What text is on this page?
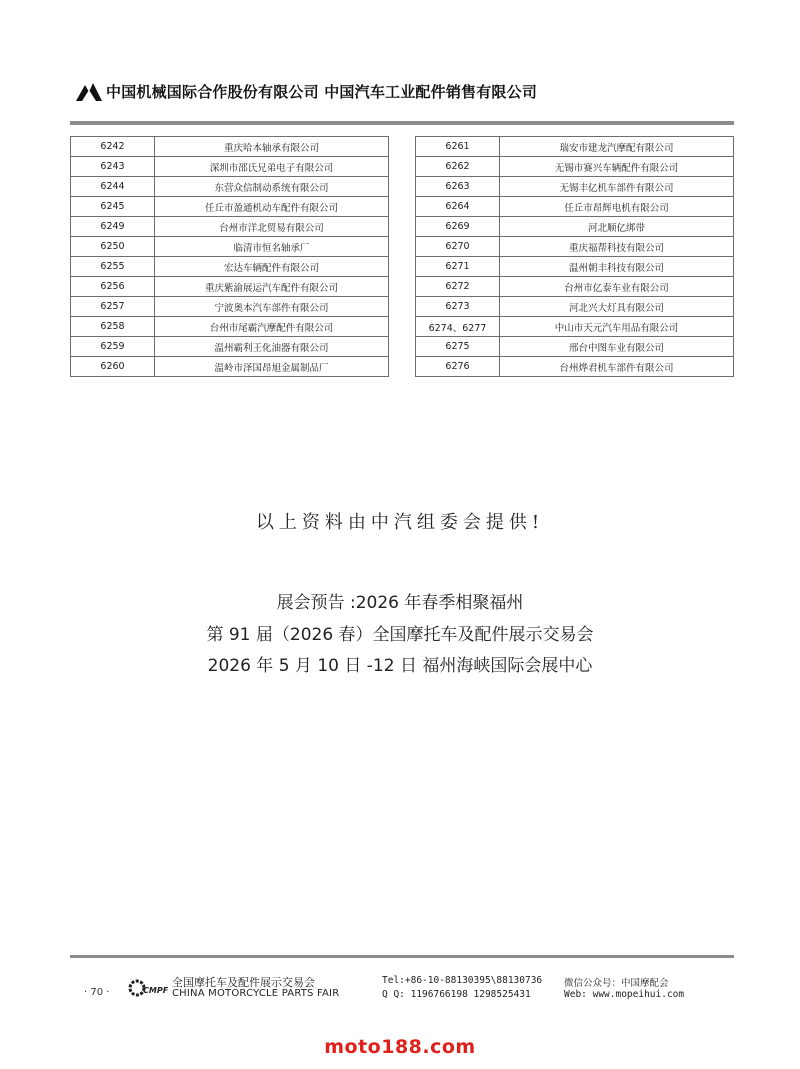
中国机械国际合作股份有限公司 中国汽车工业配件销售有限公司
6242	重庆哈本轴承有限公司
6243	深圳市邵氏兄弟电子有限公司
6244	东营众信制动系统有限公司
6245	任丘市盈通机动车配件有限公司
6249	台州市洋北贸易有限公司
6250	临清市恒名轴承厂
6255	宏达车辆配件有限公司
6256	重庆紫渝展运汽车配件有限公司
6257	宁波奥本汽车部件有限公司
6258	台州市尾霸汽摩配件有限公司
6259	温州霸利王化油器有限公司
6260	温岭市泽国昂旭金属制品厂
6261	瑞安市建龙汽摩配有限公司
6262	无锡市赛兴车辆配件有限公司
6263	无锡丰亿机车部件有限公司
6264	任丘市昂辉电机有限公司
6269	河北顺亿绑带
6270	重庆福帮科技有限公司
6271	温州朝丰科技有限公司
6272	台州市亿泰车业有限公司
6273	河北兴大灯具有限公司
6274、6277	中山市天元汽车用品有限公司
6275	邢台中图车业有限公司
6276	台州烨君机车部件有限公司
以上资料由中汽组委会提供!
展会预告 :2026 年春季相聚福州
第 91 届（2026 春）全国摩托车及配件展示交易会
2026 年 5 月 10 日 -12 日 福州海峡国际会展中心
· 70 ·	CMPF
全国摩托车及配件展示交易会
CHINA MOTORCYCLE PARTS FAIR
Tel:+86-10-88130395\88130736
Q Q: 1196766198 1298525431
微信公众号：中国摩配会
Web: www.mopeihui.com
moto188.com
